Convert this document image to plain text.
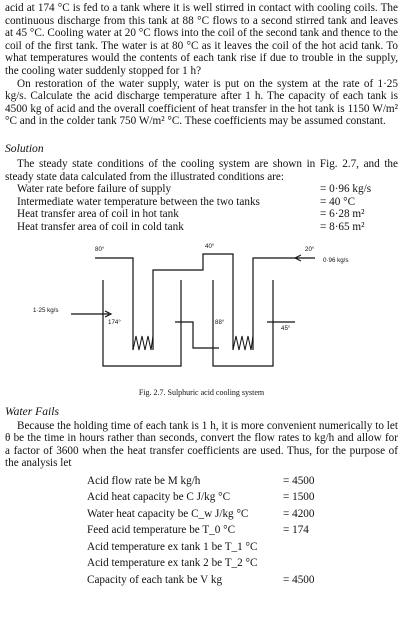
acid at 174 °C is fed to a tank where it is well stirred in contact with cooling coils. The continuous discharge from this tank at 88 °C flows to a second stirred tank and leaves at 45 °C. Cooling water at 20 °C flows into the coil of the second tank and thence to the coil of the first tank. The water is at 80 °C as it leaves the coil of the hot acid tank. To what temperatures would the contents of each tank rise if due to trouble in the supply, the cooling water suddenly stopped for 1 h?

On restoration of the water supply, water is put on the system at the rate of 1·25 kg/s. Calculate the acid discharge temperature after 1 h. The capacity of each tank is 4500 kg of acid and the overall coefficient of heat transfer in the hot tank is 1150 W/m² °C and in the colder tank 750 W/m² °C. These coefficients may be assumed constant.

Solution

The steady state conditions of the cooling system are shown in Fig. 2.7, and the steady state data calculated from the illustrated conditions are:

Water rate before failure of supply	= 0·96 kg/s
Intermediate water temperature between the two tanks	= 40 °C
Heat transfer area of coil in hot tank	= 6·28 m²
Heat transfer area of coil in cold tank	= 8·65 m²
80°	40°	20°
0·96 kg/s
1·25 kg/s
174°	88°
45°
Fig. 2.7. Sulphuric acid cooling system
Water Fails

Because the holding time of each tank is 1 h, it is more convenient numerically to let θ be the time in hours rather than seconds, convert the flow rates to kg/h and allow for a factor of 3600 when the heat transfer coefficients are used. Thus, for the purpose of the analysis let

Acid flow rate be M kg/h	= 4500
Acid heat capacity be C J/kg °C	= 1500
Water heat capacity be C_w J/kg °C	= 4200
Feed acid temperature be T_0 °C	= 174
Acid temperature ex tank 1 be T_1 °C
Acid temperature ex tank 2 be T_2 °C
Capacity of each tank be V kg	= 4500
